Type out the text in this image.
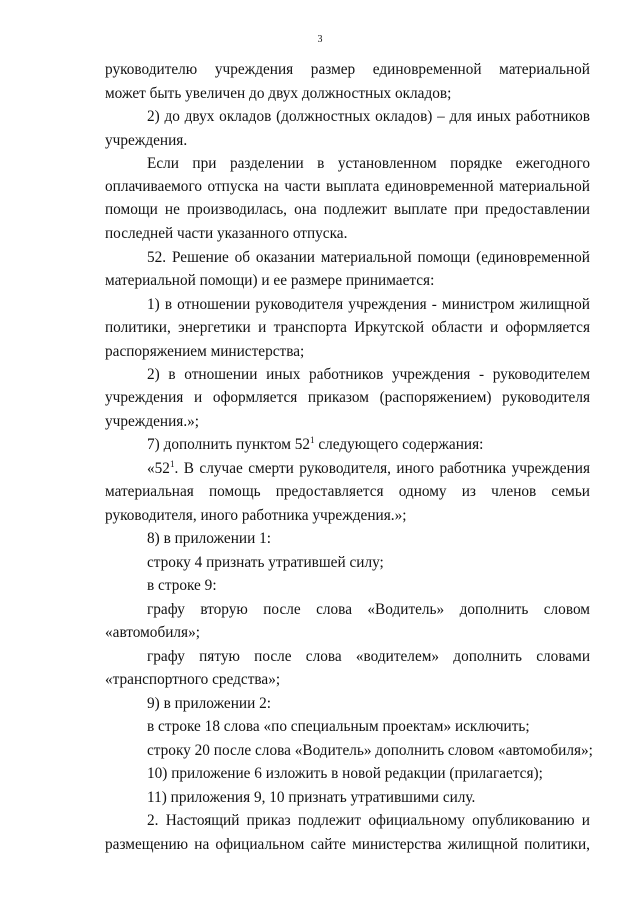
3
руководителю учреждения размер единовременной материальной
может быть увеличен до двух должностных окладов;
2) до двух окладов (должностных окладов) – для иных работников
учреждения.
Если при разделении в установленном порядке ежегодного
оплачиваемого отпуска на части выплата единовременной материальной
помощи не производилась, она подлежит выплате при предоставлении
последней части указанного отпуска.
52. Решение об оказании материальной помощи (единовременной
материальной помощи) и ее размере принимается:
1) в отношении руководителя учреждения - министром жилищной
политики, энергетики и транспорта Иркутской области и оформляется
распоряжением министерства;
2) в отношении иных работников учреждения - руководителем
учреждения и оформляется приказом (распоряжением) руководителя
учреждения.»;
7) дополнить пунктом $52^1$ следующего содержания:
«$52^1$. В случае смерти руководителя, иного работника учреждения
материальная помощь предоставляется одному из членов семьи
руководителя, иного работника учреждения.»;
8) в приложении 1:
строку 4 признать утратившей силу;
в строке 9:
графу вторую после слова «Водитель» дополнить словом
«автомобиля»;
графу пятую после слова «водителем» дополнить словами
«транспортного средства»;
9) в приложении 2:
в строке 18 слова «по специальным проектам» исключить;
строку 20 после слова «Водитель» дополнить словом «автомобиля»;
10) приложение 6 изложить в новой редакции (прилагается);
11) приложения 9, 10 признать утратившими силу.
2. Настоящий приказ подлежит официальному опубликованию и
размещению на официальном сайте министерства жилищной политики,
